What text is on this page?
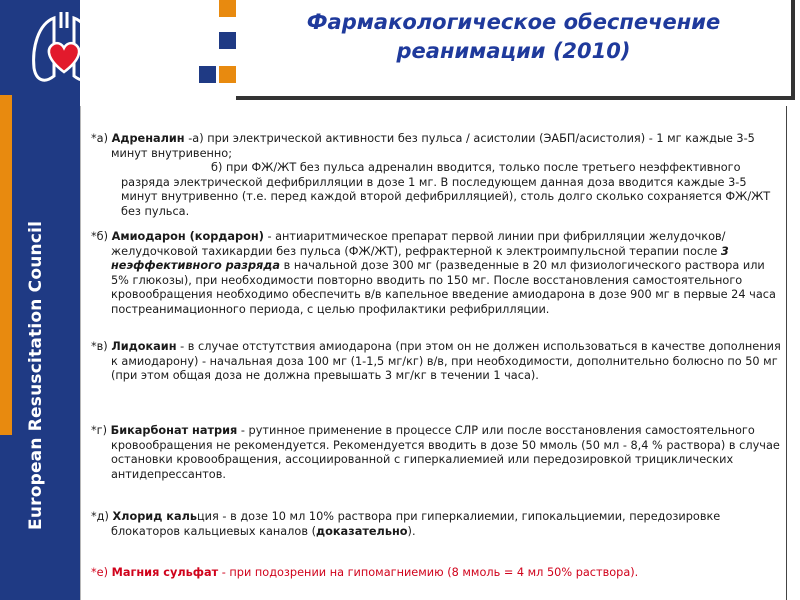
European Resuscitation Council
Фармакологическое обеспечение
реанимации (2010)
*а) Адреналин -а) при электрической активности без пульса / асистолии (ЭАБП/асистолия) - 1 мг каждые 3-5 минут внутривенно;
б) при ФЖ/ЖТ без пульса адреналин вводится, только после третьего неэффективного разряда электрической дефибрилляции в дозе 1 мг. В последующем данная доза вводится каждые 3-5 минут внутривенно (т.е. перед каждой второй дефибрилляцией), столь долго сколько сохраняется ФЖ/ЖТ без пульса.
*б) Амиодарон (кордарон) - антиаритмическое препарат первой линии при фибрилляции желудочков/желудочковой тахикардии без пульса (ФЖ/ЖТ), рефрактерной к электроимпульсной терапии после 3 неэффективного разряда в начальной дозе 300 мг (разведенные в 20 мл физиологического раствора или 5% глюкозы), при необходимости повторно вводить по 150 мг. После восстановления самостоятельного кровообращения необходимо обеспечить в/в капельное введение амиодарона в дозе 900 мг в первые 24 часа постреанимационного периода, с целью профилактики рефибрилляции.
*в) Лидокаин - в случае отстутствия амиодарона (при этом он не должен использоваться в качестве дополнения к амиодарону) - начальная доза 100 мг (1-1,5 мг/кг) в/в, при необходимости, дополнительно болюсно по 50 мг (при этом общая доза не должна превышать 3 мг/кг в течении 1 часа).
*г) Бикарбонат натрия - рутинное применение в процессе СЛР или после восстановления самостоятельного кровообращения не рекомендуется. Рекомендуется вводить в дозе 50 ммоль (50 мл - 8,4 % раствора) в случае остановки кровообращения, ассоциированной с гиперкалиемией или передозировкой трициклических антидепрессантов.
*д) Хлорид кальция - в дозе 10 мл 10% раствора при гиперкалиемии, гипокальциемии, передозировке блокаторов кальциевых каналов (доказательно).
*е) Магния сульфат - при подозрении на гипомагниемию (8 ммоль = 4 мл 50% раствора).
